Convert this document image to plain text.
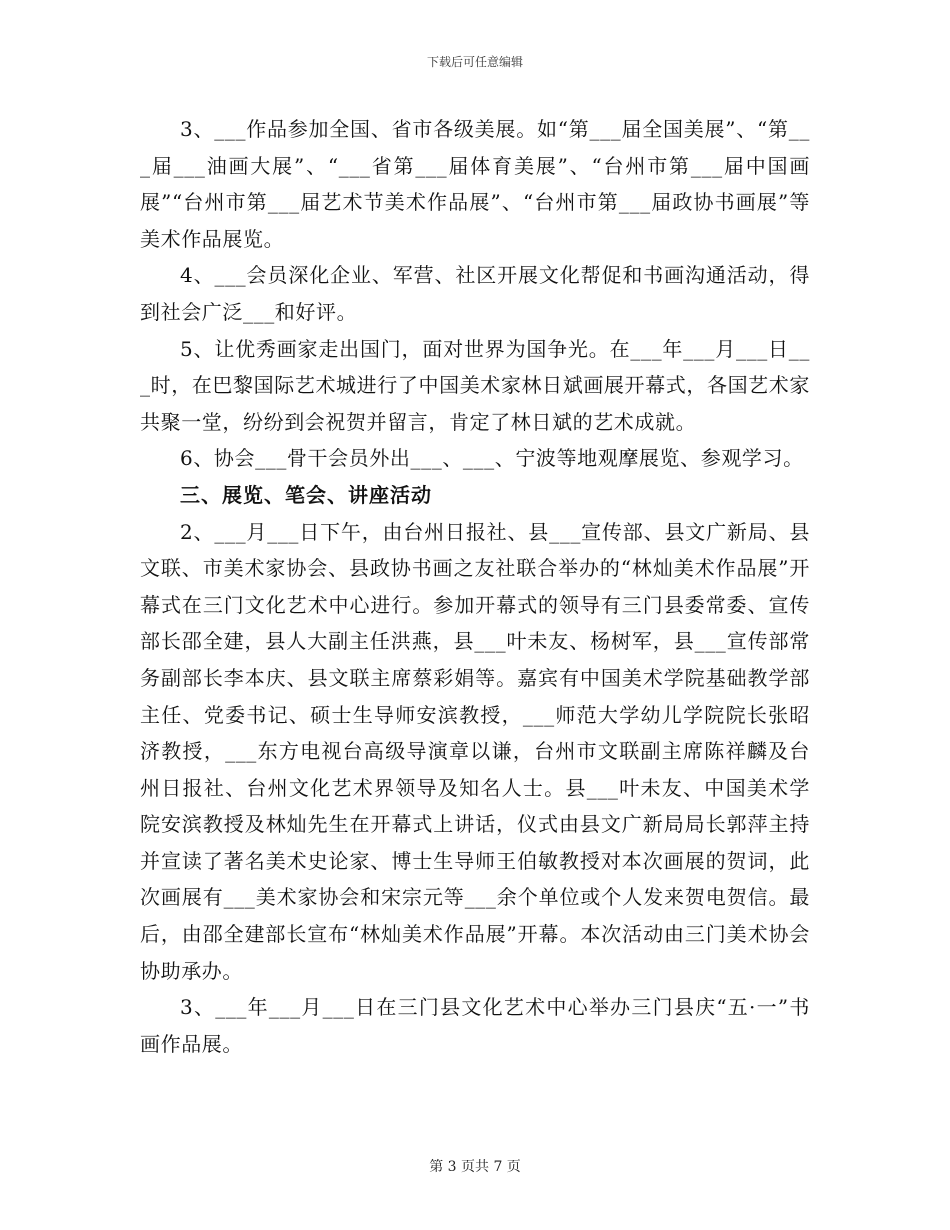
下载后可任意编辑

3、___作品参加全国、省市各级美展。如“第___届全国美展”、“第___届___油画大展”、“___省第___届体育美展”、“台州市第___届中国画展”“台州市第___届艺术节美术作品展”、“台州市第___届政协书画展”等美术作品展览。

4、___会员深化企业、军营、社区开展文化帮促和书画沟通活动，得到社会广泛___和好评。

5、让优秀画家走出国门，面对世界为国争光。在___年___月___日___时，在巴黎国际艺术城进行了中国美术家林日斌画展开幕式，各国艺术家共聚一堂，纷纷到会祝贺并留言，肯定了林日斌的艺术成就。

6、协会___骨干会员外出___、___、宁波等地观摩展览、参观学习。

三、展览、笔会、讲座活动

2、___月___日下午，由台州日报社、县___宣传部、县文广新局、县文联、市美术家协会、县政协书画之友社联合举办的“林灿美术作品展”开幕式在三门文化艺术中心进行。参加开幕式的领导有三门县委常委、宣传部长邵全建，县人大副主任洪燕，县___叶未友、杨树军，县___宣传部常务副部长李本庆、县文联主席蔡彩娟等。嘉宾有中国美术学院基础教学部主任、党委书记、硕士生导师安滨教授，___师范大学幼儿学院院长张昭济教授，___东方电视台高级导演章以谦，台州市文联副主席陈祥麟及台州日报社、台州文化艺术界领导及知名人士。县___叶未友、中国美术学院安滨教授及林灿先生在开幕式上讲话，仪式由县文广新局局长郭萍主持并宣读了著名美术史论家、博士生导师王伯敏教授对本次画展的贺词，此次画展有___美术家协会和宋宗元等___余个单位或个人发来贺电贺信。最后，由邵全建部长宣布“林灿美术作品展”开幕。本次活动由三门美术协会协助承办。

3、___年___月___日在三门县文化艺术中心举办三门县庆“五·一”书画作品展。

第 3 页共 7 页
